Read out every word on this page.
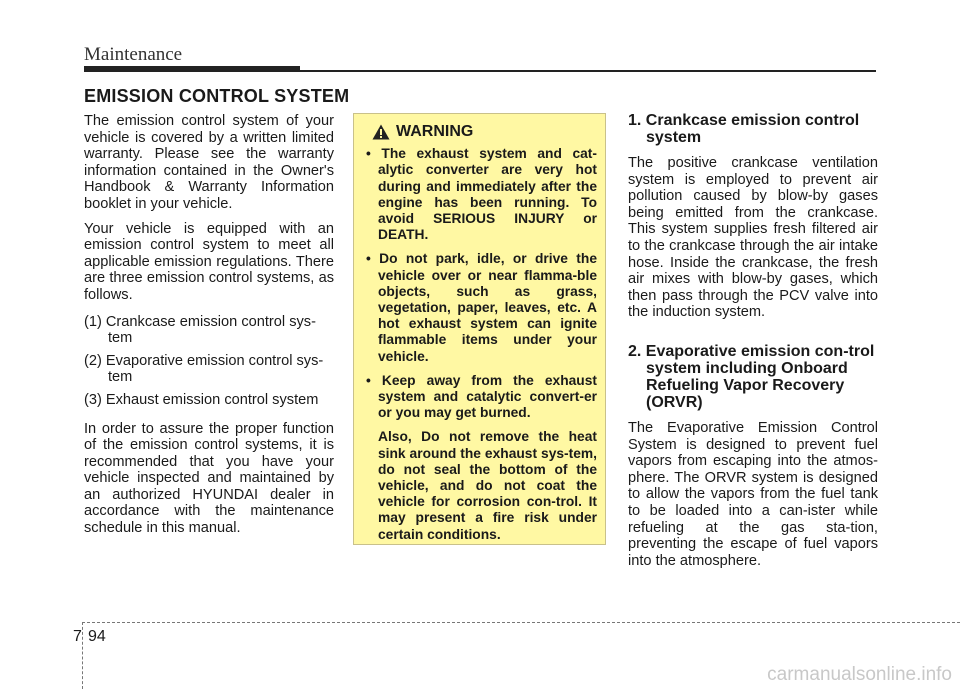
Maintenance
EMISSION CONTROL SYSTEM

The emission control system of your vehicle is covered by a written limited warranty. Please see the warranty information contained in the Owner's Handbook & Warranty Information booklet in your vehicle.

Your vehicle is equipped with an emission control system to meet all applicable emission regulations. There are three emission control systems, as follows.

(1) Crankcase emission control sys-tem
(2) Evaporative emission control sys-tem
(3) Exhaust emission control system

In order to assure the proper function of the emission control systems, it is recommended that you have your vehicle inspected and maintained by an authorized HYUNDAI dealer in accordance with the maintenance schedule in this manual.

WARNING

• The exhaust system and cat-alytic converter are very hot during and immediately after the engine has been running. To avoid SERIOUS INJURY or DEATH.

• Do not park, idle, or drive the vehicle over or near flamma-ble objects, such as grass, vegetation, paper, leaves, etc. A hot exhaust system can ignite flammable items under your vehicle.

• Keep away from the exhaust system and catalytic convert-er or you may get burned.

Also, Do not remove the heat sink around the exhaust sys-tem, do not seal the bottom of the vehicle, and do not coat the vehicle for corrosion con-trol. It may present a fire risk under certain conditions.

1. Crankcase emission control system

The positive crankcase ventilation system is employed to prevent air pollution caused by blow-by gases being emitted from the crankcase. This system supplies fresh filtered air to the crankcase through the air intake hose. Inside the crankcase, the fresh air mixes with blow-by gases, which then pass through the PCV valve into the induction system.

2. Evaporative emission con-trol system including Onboard Refueling Vapor Recovery (ORVR)

The Evaporative Emission Control System is designed to prevent fuel vapors from escaping into the atmos-phere. The ORVR system is designed to allow the vapors from the fuel tank to be loaded into a can-ister while refueling at the gas sta-tion, preventing the escape of fuel vapors into the atmosphere.

7 94
carmanualsonline.info
